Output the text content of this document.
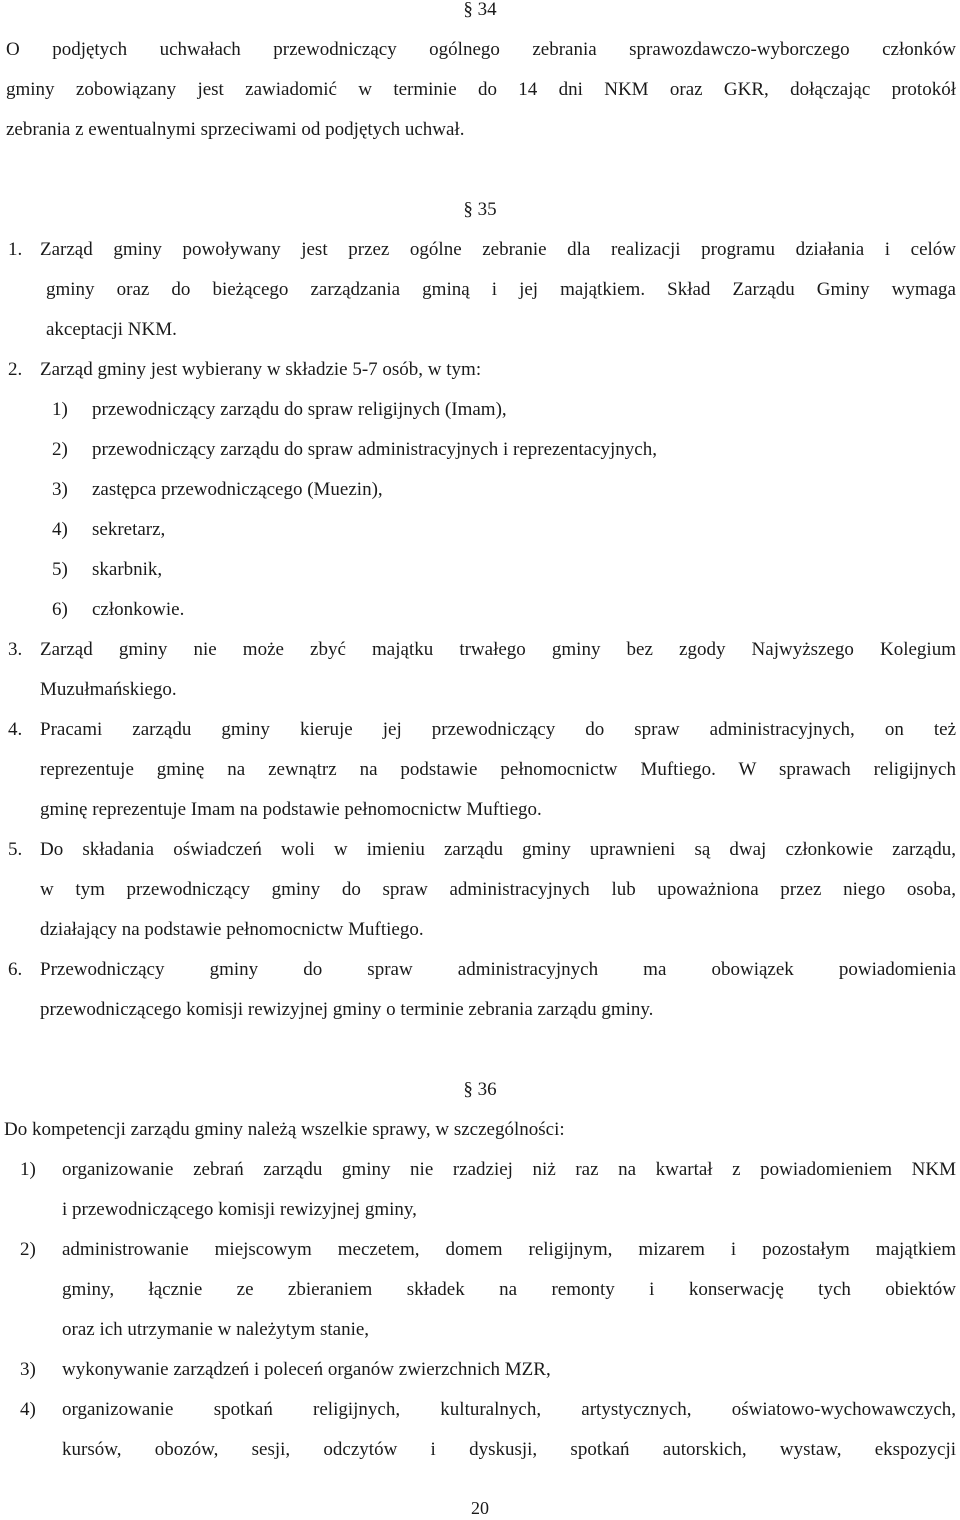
§ 34
O podjętych uchwałach przewodniczący ogólnego zebrania sprawozdawczo-wyborczego członków
gminy zobowiązany jest zawiadomić w terminie do 14 dni NKM oraz GKR, dołączając protokół
zebrania z ewentualnymi sprzeciwami od podjętych uchwał.
§ 35
1. Zarząd gminy powoływany jest przez ogólne zebranie dla realizacji programu działania i celów
gminy oraz do bieżącego zarządzania gminą i jej majątkiem. Skład Zarządu Gminy wymaga
akceptacji NKM.
2. Zarząd gminy jest wybierany w składzie 5-7 osób, w tym:
1) przewodniczący zarządu do spraw religijnych (Imam),
2) przewodniczący zarządu do spraw administracyjnych i reprezentacyjnych,
3) zastępca przewodniczącego (Muezin),
4) sekretarz,
5) skarbnik,
6) członkowie.
3. Zarząd gminy nie może zbyć majątku trwałego gminy bez zgody Najwyższego Kolegium
Muzułmańskiego.
4. Pracami zarządu gminy kieruje jej przewodniczący do spraw administracyjnych, on też
reprezentuje gminę na zewnątrz na podstawie pełnomocnictw Muftiego. W sprawach religijnych
gminę reprezentuje Imam na podstawie pełnomocnictw Muftiego.
5. Do składania oświadczeń woli w imieniu zarządu gminy uprawnieni są dwaj członkowie zarządu,
w tym przewodniczący gminy do spraw administracyjnych lub upoważniona przez niego osoba,
działający na podstawie pełnomocnictw Muftiego.
6. Przewodniczący gminy do spraw administracyjnych ma obowiązek powiadomienia
przewodniczącego komisji rewizyjnej gminy o terminie zebrania zarządu gminy.
§ 36
Do kompetencji zarządu gminy należą wszelkie sprawy, w szczególności:
1) organizowanie zebrań zarządu gminy nie rzadziej niż raz na kwartał z powiadomieniem NKM
i przewodniczącego komisji rewizyjnej gminy,
2) administrowanie miejscowym meczetem, domem religijnym, mizarem i pozostałym majątkiem
gminy, łącznie ze zbieraniem składek na remonty i konserwację tych obiektów
oraz ich utrzymanie w należytym stanie,
3) wykonywanie zarządzeń i poleceń organów zwierzchnich MZR,
4) organizowanie spotkań religijnych, kulturalnych, artystycznych, oświatowo-wychowawczych,
kursów, obozów, sesji, odczytów i dyskusji, spotkań autorskich, wystaw, ekspozycji
20
